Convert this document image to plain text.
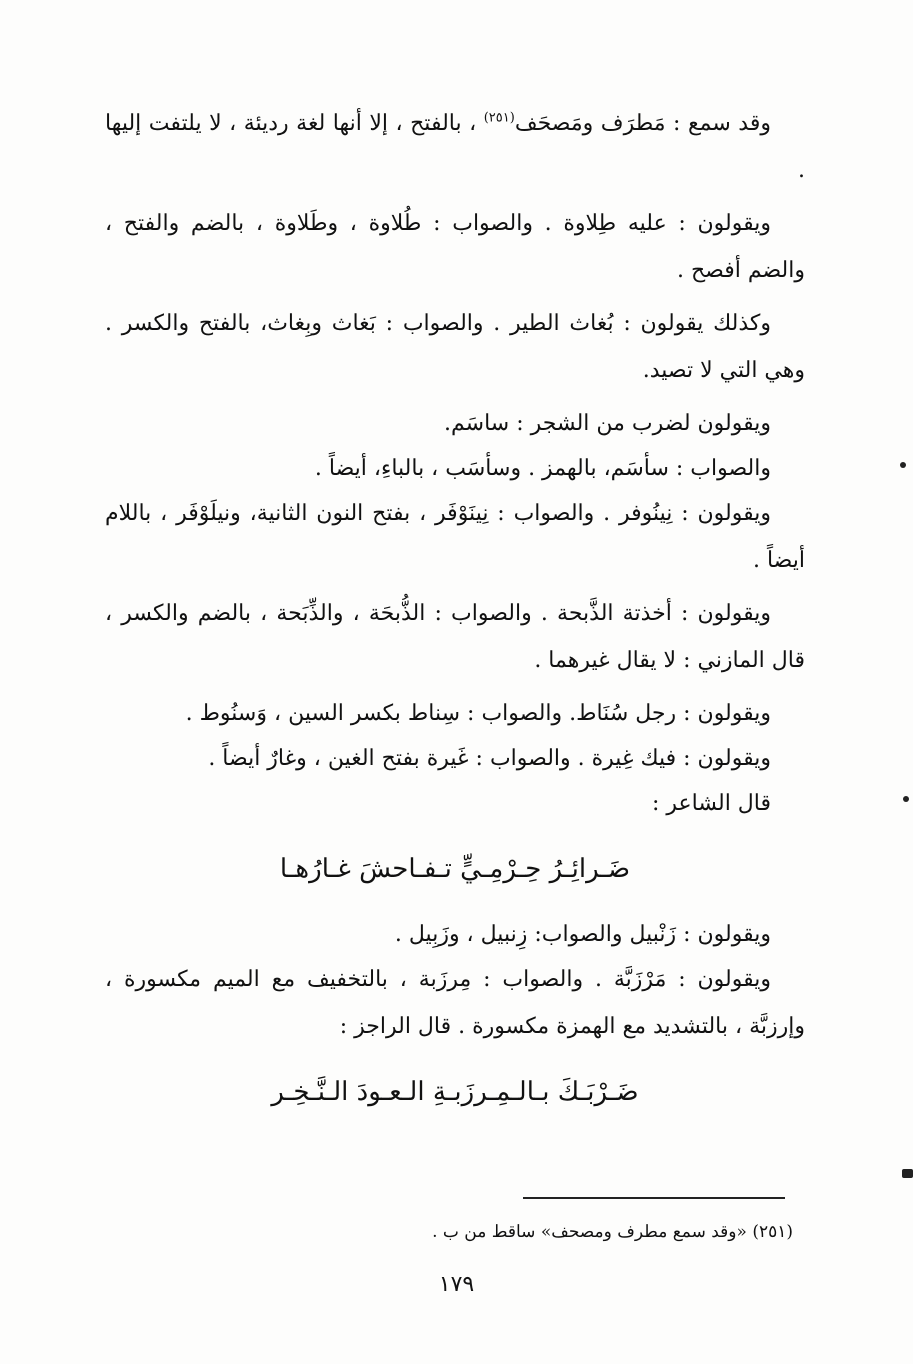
وقد سمع : مَطرَف ومَصحَف$^{(٢٥١)}$ ، بالفتح ، إلا أنها لغة رديئة ، لا يلتفت إليها .

ويقولون : عليه طِلاوة . والصواب : طُلاوة ، وطَلاوة ، بالضم والفتح ، والضم أفصح .

وكذلك يقولون : بُغاث الطير . والصواب : بَغاث وبِغاث، بالفتح والكسر . وهي التي لا تصيد.

ويقولون لضرب من الشجر : ساسَم.

والصواب : سأسَم، بالهمز . وسأسَب ، بالباءِ، أيضاً .

ويقولون : نِينُوفر . والصواب : نِينَوْفَر ، بفتح النون الثانية، ونيلَوْفَر ، باللام أيضاً .

ويقولون : أخذتة الذَّبحة . والصواب : الذُّبحَة ، والذِّبَحة ، بالضم والكسر ، قال المازني : لا يقال غيرهما .

ويقولون : رجل سُنَاط. والصواب : سِناط بكسر السين ، وَسنُوط .

ويقولون : فيك غِيرة . والصواب : غَيرة بفتح الغين ، وغارٌ أيضاً .

قال الشاعر :

ضَـرائِـرُ حِـرْمِـيٍّ تـفـاحشَ غـارُهـا

ويقولون : زَنْبيل والصواب: زِنبيل ، وزَبِيل .

ويقولون : مَرْزَبَّة . والصواب : مِرزَبة ، بالتخفيف مع الميم مكسورة ، وإرزبَّة ، بالتشديد مع الهمزة مكسورة . قال الراجز :

ضَـرْبَـكَ بـالـمِـرزَبـةِ الـعـودَ الـنَّـخِـر

(٢٥١) «وقد سمع مطرف ومصحف» ساقط من ب .
١٧٩
